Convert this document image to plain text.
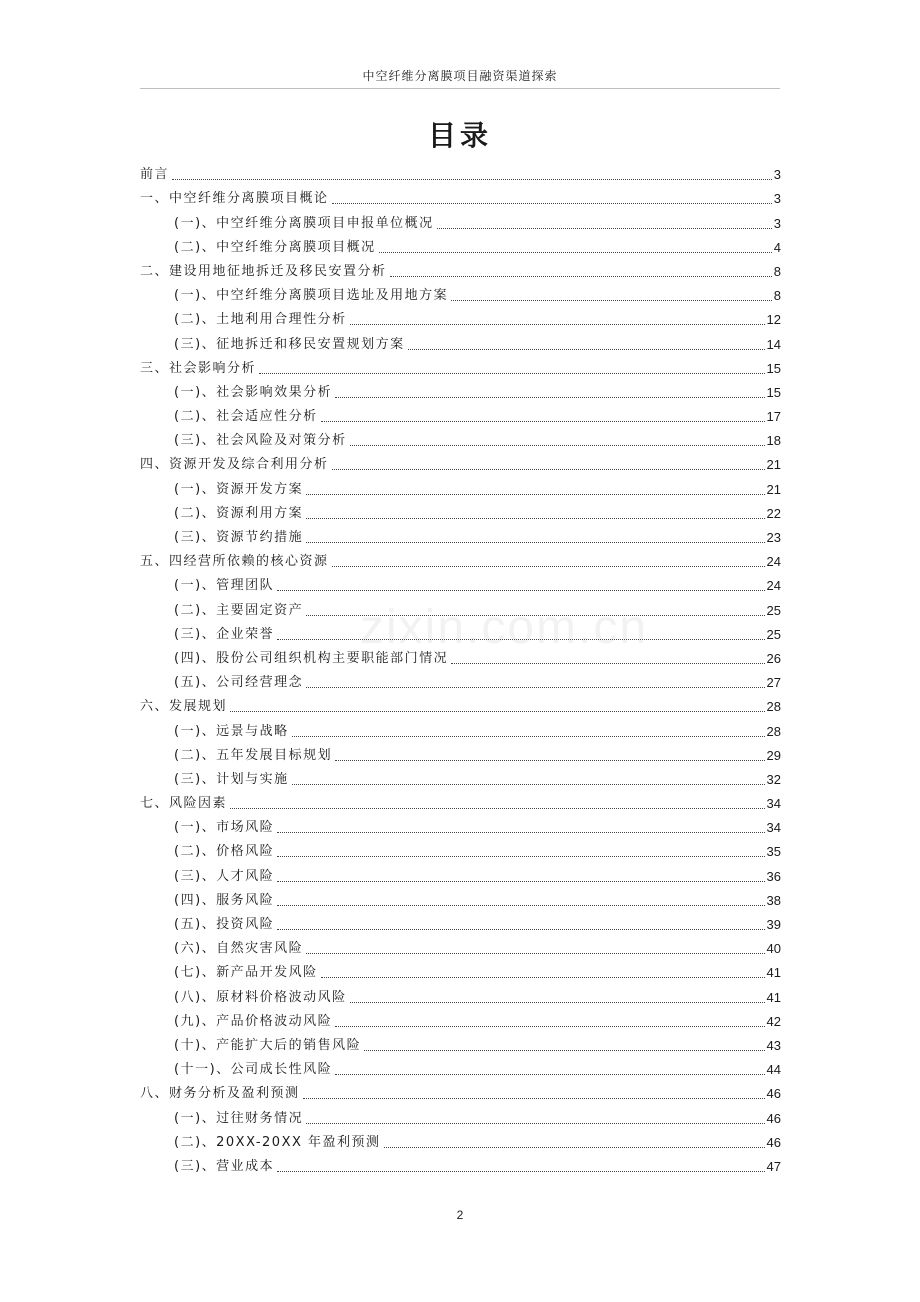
中空纤维分离膜项目融资渠道探索
目录
前言	3
一、中空纤维分离膜项目概论	3
(一)、中空纤维分离膜项目申报单位概况	3
(二)、中空纤维分离膜项目概况	4
二、建设用地征地拆迁及移民安置分析	8
(一)、中空纤维分离膜项目选址及用地方案	8
(二)、土地利用合理性分析	12
(三)、征地拆迁和移民安置规划方案	14
三、社会影响分析	15
(一)、社会影响效果分析	15
(二)、社会适应性分析	17
(三)、社会风险及对策分析	18
四、资源开发及综合利用分析	21
(一)、资源开发方案	21
(二)、资源利用方案	22
(三)、资源节约措施	23
五、四经营所依赖的核心资源	24
(一)、管理团队	24
(二)、主要固定资产	25
(三)、企业荣誉	25
(四)、股份公司组织机构主要职能部门情况	26
(五)、公司经营理念	27
六、发展规划	28
(一)、远景与战略	28
(二)、五年发展目标规划	29
(三)、计划与实施	32
七、风险因素	34
(一)、市场风险	34
(二)、价格风险	35
(三)、人才风险	36
(四)、服务风险	38
(五)、投资风险	39
(六)、自然灾害风险	40
(七)、新产品开发风险	41
(八)、原材料价格波动风险	41
(九)、产品价格波动风险	42
(十)、产能扩大后的销售风险	43
(十一)、公司成长性风险	44
八、财务分析及盈利预测	46
(一)、过往财务情况	46
(二)、20XX-20XX 年盈利预测	46
(三)、营业成本	47
zixin.com.cn
2
